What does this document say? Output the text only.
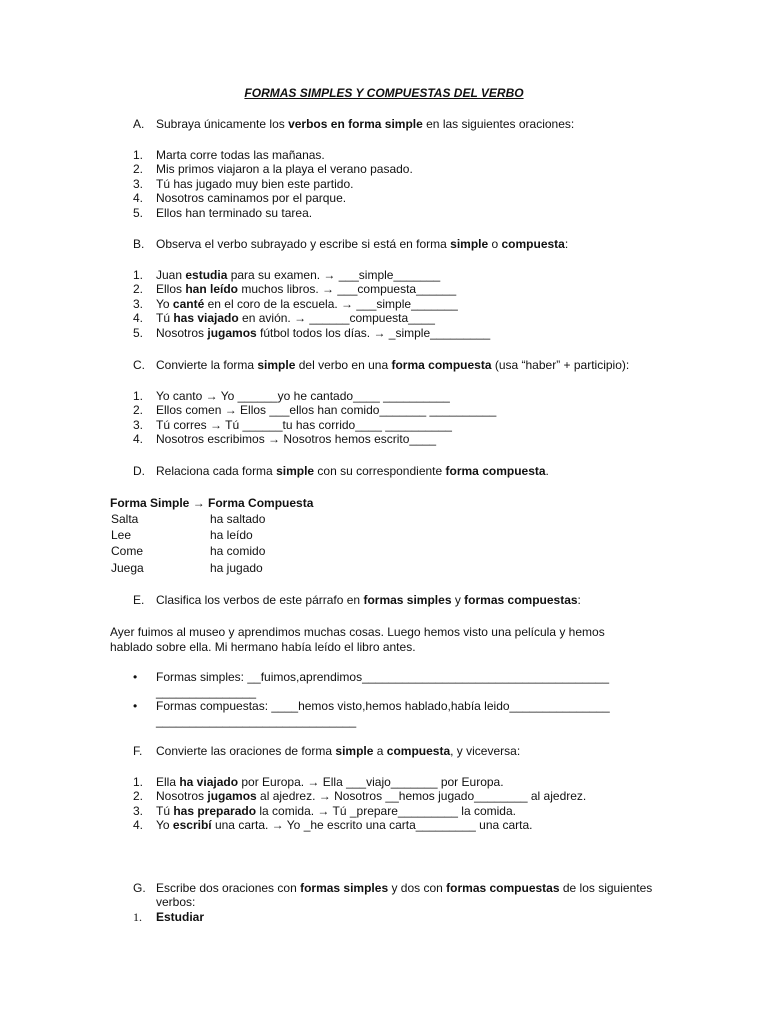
FORMAS SIMPLES Y COMPUESTAS DEL VERBO
A. Subraya únicamente los verbos en forma simple en las siguientes oraciones:
1. Marta corre todas las mañanas.
2. Mis primos viajaron a la playa el verano pasado.
3. Tú has jugado muy bien este partido.
4. Nosotros caminamos por el parque.
5. Ellos han terminado su tarea.
B. Observa el verbo subrayado y escribe si está en forma simple o compuesta:
1. Juan estudia para su examen. → ___simple_______
2. Ellos han leído muchos libros. → ___compuesta______
3. Yo canté en el coro de la escuela. → ___simple_______
4. Tú has viajado en avión. → ______compuesta____
5. Nosotros jugamos fútbol todos los días. → _simple_________
C. Convierte la forma simple del verbo en una forma compuesta (usa “haber” + participio):
1. Yo canto → Yo ______yo he cantado____ __________
2. Ellos comen → Ellos ___ellos han comido_______ __________
3. Tú corres → Tú ______tu has corrido____ __________
4. Nosotros escribimos → Nosotros hemos escrito____
D. Relaciona cada forma simple con su correspondiente forma compuesta.
Forma Simple → Forma Compuesta
Salta	ha saltado
Lee	ha leído
Come	ha comido
Juega	ha jugado
E. Clasifica los verbos de este párrafo en formas simples y formas compuestas:
Ayer fuimos al museo y aprendimos muchas cosas. Luego hemos visto una película y hemos hablado sobre ella. Mi hermano había leído el libro antes.
• Formas simples: __fuimos,aprendimos____________________________________________________
• Formas compuestas: ____hemos visto,hemos hablado,había leido_____________________________________________
F. Convierte las oraciones de forma simple a compuesta, y viceversa:
1. Ella ha viajado por Europa. → Ella ___viajo_______ por Europa.
2. Nosotros jugamos al ajedrez. → Nosotros __hemos jugado________ al ajedrez.
3. Tú has preparado la comida. → Tú _prepare_________ la comida.
4. Yo escribí una carta. → Yo _he escrito una carta_________ una carta.
G. Escribe dos oraciones con formas simples y dos con formas compuestas de los siguientes verbos:
1. Estudiar
